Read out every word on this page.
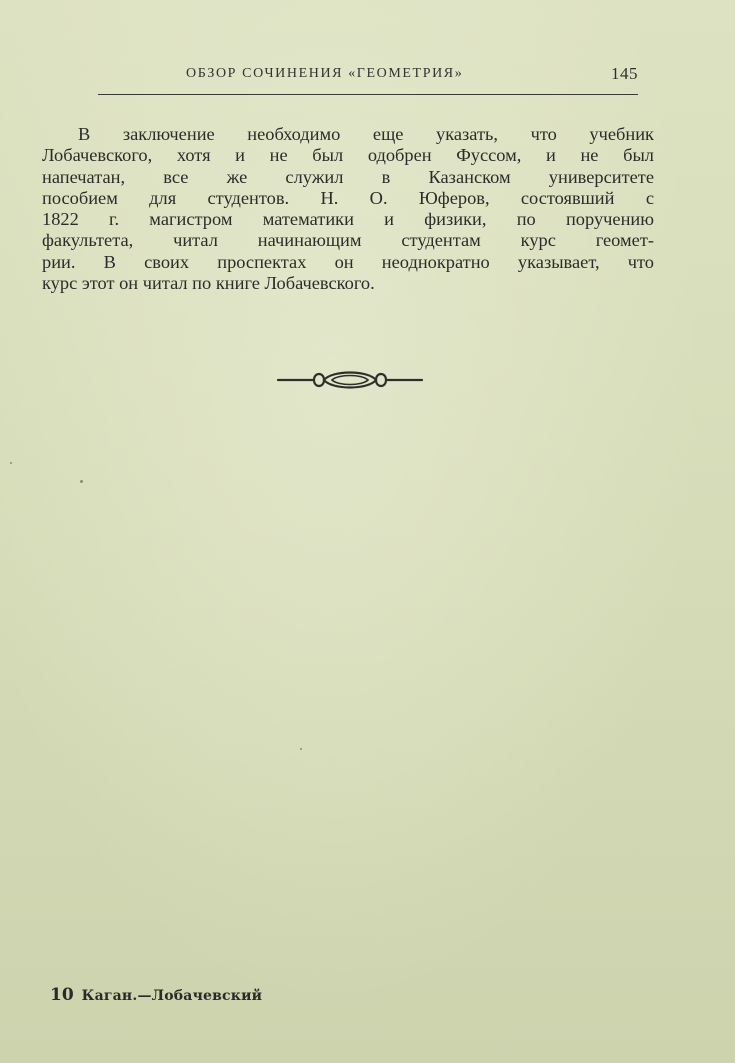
ОБЗОР СОЧИНЕНИЯ «ГЕОМЕТРИЯ»	145

В заключение необходимо еще указать, что учебник
Лобачевского, хотя и не был одобрен Фуссом, и не был
напечатан, все же служил в Казанском университете
пособием для студентов. Н. О. Юферов, состоявший с
1822 г. магистром математики и физики, по поручению
факультета, читал начинающим студентам курс геомет-
рии. В своих проспектах он неоднократно указывает, что
курс этот он читал по книге Лобачевского.

10 Каган.—Лобачевский
